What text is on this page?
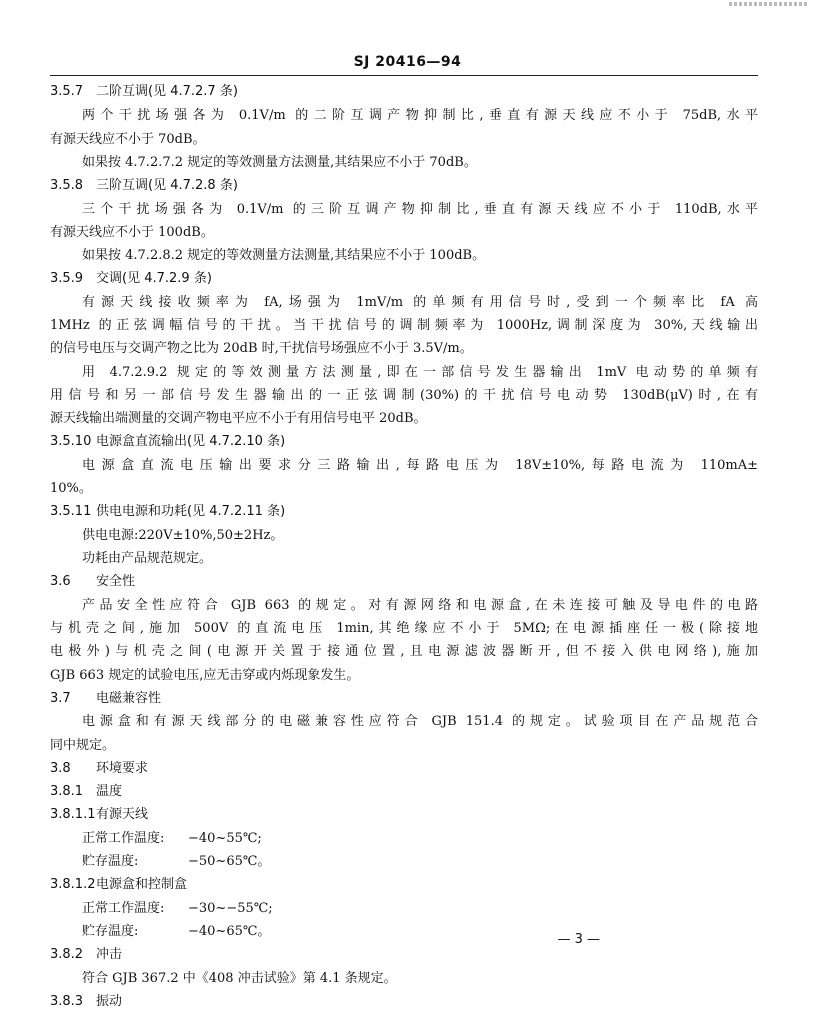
SJ 20416—94
3.5.7 二阶互调(见 4.7.2.7 条)
两个干扰场强各为 0.1V/m 的二阶互调产物抑制比,垂直有源天线应不小于 75dB,水平
有源天线应不小于 70dB。
如果按 4.7.2.7.2 规定的等效测量方法测量,其结果应不小于 70dB。
3.5.8 三阶互调(见 4.7.2.8 条)
三个干扰场强各为 0.1V/m 的三阶互调产物抑制比,垂直有源天线应不小于 110dB,水平
有源天线应不小于 100dB。
如果按 4.7.2.8.2 规定的等效测量方法测量,其结果应不小于 100dB。
3.5.9 交调(见 4.7.2.9 条)
有源天线接收频率为 fA,场强为 1mV/m 的单频有用信号时,受到一个频率比 fA 高
1MHz 的正弦调幅信号的干扰。当干扰信号的调制频率为 1000Hz,调制深度为 30%,天线输出
的信号电压与交调产物之比为 20dB 时,干扰信号场强应不小于 3.5V/m。
用 4.7.2.9.2 规定的等效测量方法测量,即在一部信号发生器输出 1mV 电动势的单频有
用信号和另一部信号发生器输出的一正弦调制(30%)的干扰信号电动势 130dB(μV)时,在有
源天线输出端测量的交调产物电平应不小于有用信号电平 20dB。
3.5.10 电源盒直流输出(见 4.7.2.10 条)
电源盒直流电压输出要求分三路输出,每路电压为 18V±10%,每路电流为 110mA±
10%。
3.5.11 供电电源和功耗(见 4.7.2.11 条)
供电电源:220V±10%,50±2Hz。
功耗由产品规范规定。
3.6 安全性
产品安全性应符合 GJB 663 的规定。对有源网络和电源盒,在未连接可触及导电件的电路
与机壳之间,施加 500V 的直流电压 1min,其绝缘应不小于 5MΩ;在电源插座任一极(除接地
电极外)与机壳之间(电源开关置于接通位置,且电源滤波器断开,但不接入供电网络),施加
GJB 663 规定的试验电压,应无击穿或内烁现象发生。
3.7 电磁兼容性
电源盒和有源天线部分的电磁兼容性应符合 GJB 151.4 的规定。试验项目在产品规范合
同中规定。
3.8 环境要求
3.8.1 温度
3.8.1.1有源天线
正常工作温度: −40~55℃;
贮存温度:	−50~65℃。
3.8.1.2电源盒和控制盒
正常工作温度: −30~−55℃;
贮存温度:	−40~65℃。
3.8.2 冲击
符合 GJB 367.2 中《408 冲击试验》第 4.1 条规定。
3.8.3 振动
— 3 —
